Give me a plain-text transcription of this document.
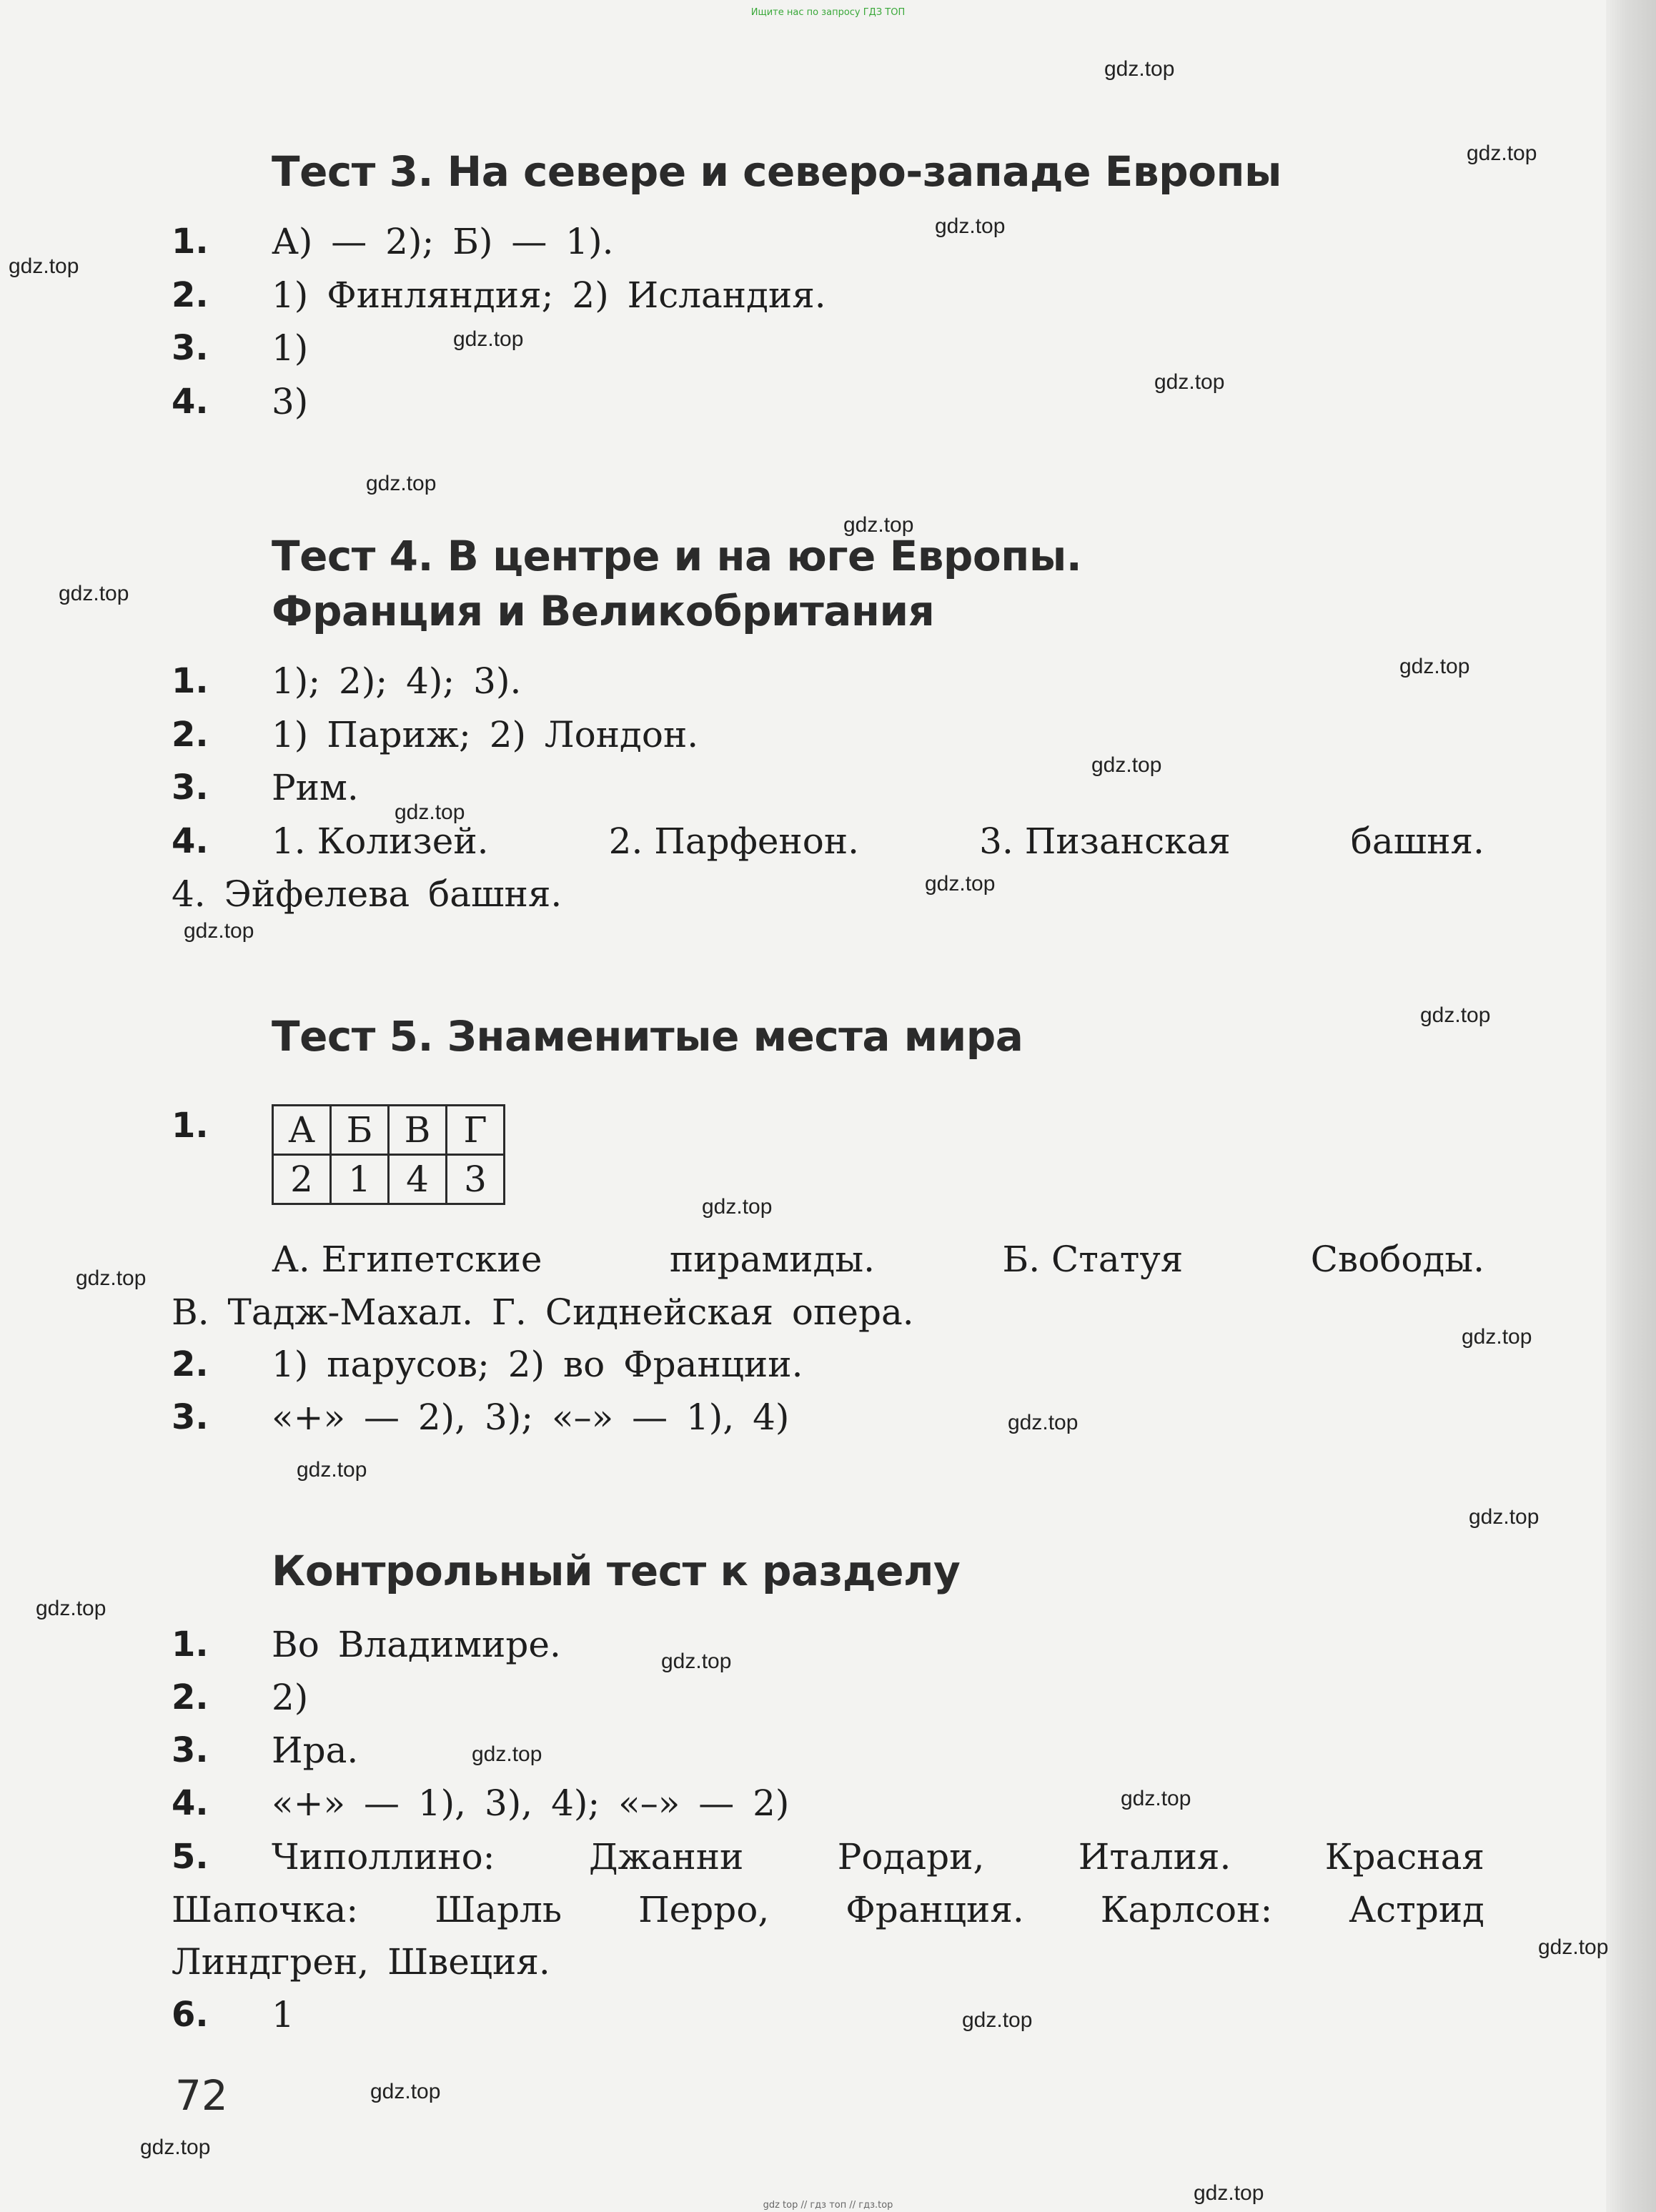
Ищите нас по запросу ГДЗ ТОП
gdz.top
gdz.top
gdz.top
gdz.top
gdz.top
gdz.top
gdz.top
gdz.top
gdz.top
gdz.top
gdz.top
gdz.top
gdz.top
gdz.top
gdz.top
gdz.top
gdz.top
gdz.top
gdz.top
gdz.top
gdz.top
gdz.top
gdz.top
gdz.top
gdz.top
gdz.top
gdz.top
gdz.top
gdz.top
gdz.top
Тест 3. На севере и северо-западе Европы
1. А) — 2); Б) — 1).
2. 1) Финляндия; 2) Исландия.
3. 1)
4. 3)
Тест 4. В центре и на юге Европы.
Франция и Великобритания
1. 1); 2); 4); 3).
2. 1) Париж; 2) Лондон.
3. Рим.
4. 1. Колизей.	2. Парфенон.	3. Пизанская	башня.
4. Эйфелева башня.
Тест 5. Знаменитые места мира
1. А	Б	В	Г
2	1	4	3
А. Египетские	пирамиды.	Б. Статуя	Свободы.
В. Тадж-Махал. Г. Сиднейская опера.
2. 1) парусов; 2) во Франции.
3. «+» — 2), 3); «–» — 1), 4)
Контрольный тест к разделу
1. Во Владимире.
2. 2)
3. Ира.
4. «+» — 1), 3), 4); «–» — 2)
5. Чиполлино:	Джанни	Родари,	Италия.	Красная
Шапочка: Шарль Перро, Франция. Карлсон: Астрид
Линдгрен, Швеция.
6. 1
72
gdz top // гдз топ // гдз.top
